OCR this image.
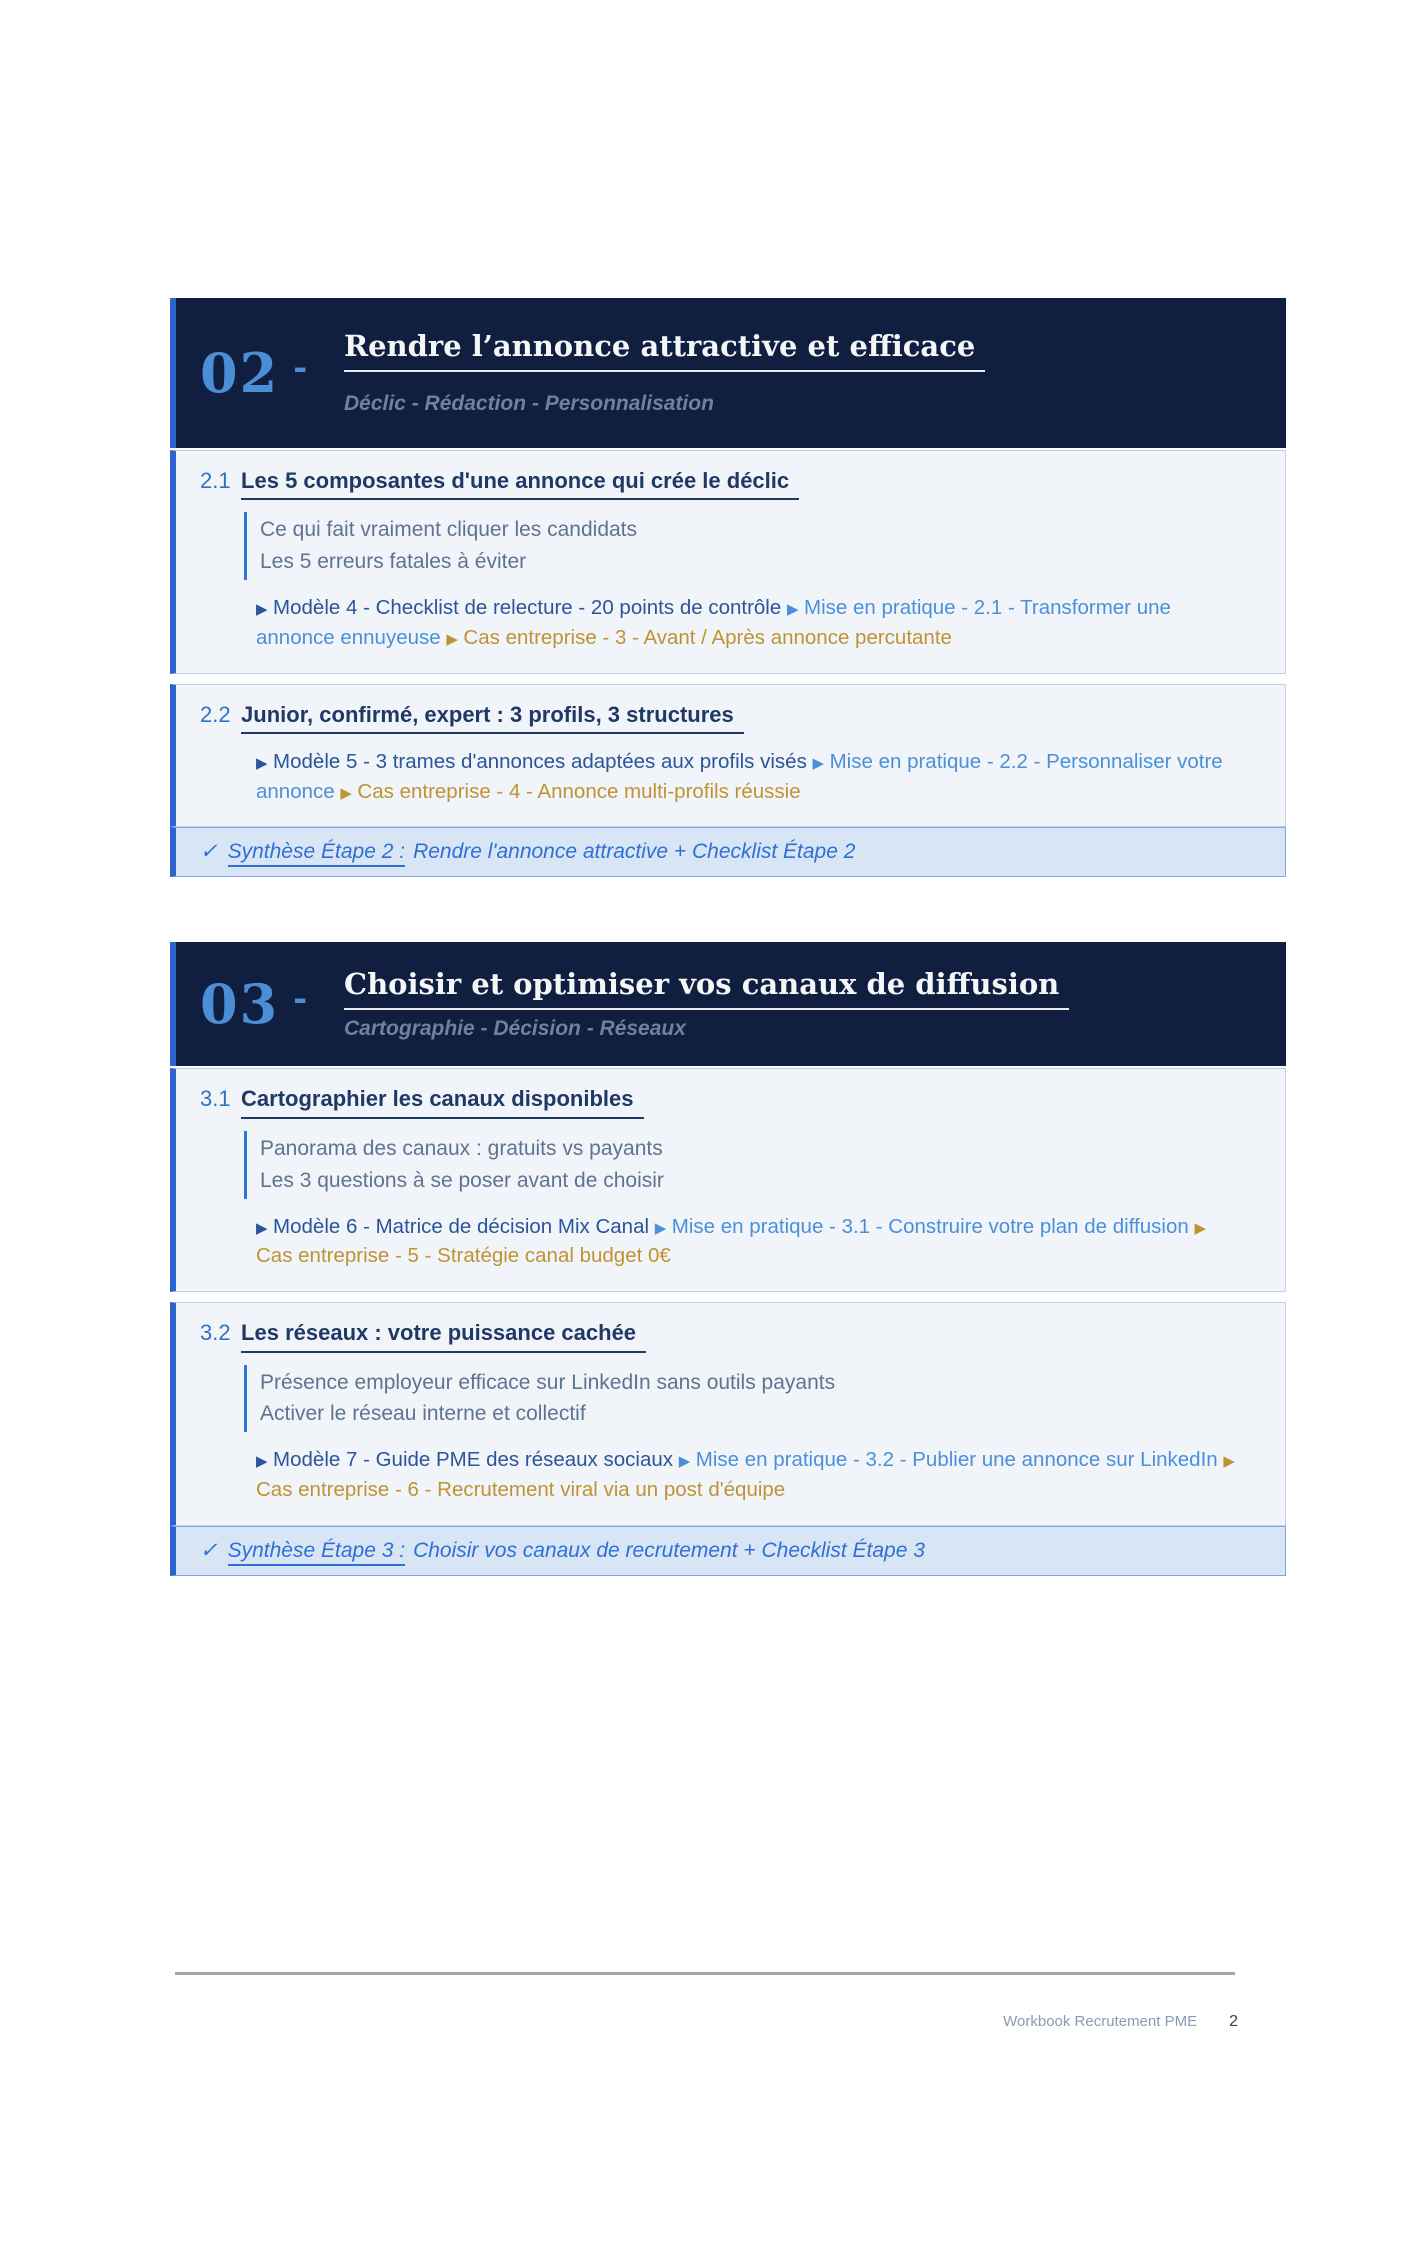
02 -
Rendre l’annonce attractive et efficace
Déclic - Rédaction - Personnalisation
2.1 Les 5 composantes d'une annonce qui crée le déclic
Ce qui fait vraiment cliquer les candidats
Les 5 erreurs fatales à éviter
▶ Modèle 4 - Checklist de relecture - 20 points de contrôle ▶ Mise en pratique - 2.1 - Transformer une annonce ennuyeuse ▶ Cas entreprise - 3 - Avant / Après annonce percutante
2.2 Junior, confirmé, expert : 3 profils, 3 structures
▶ Modèle 5 - 3 trames d'annonces adaptées aux profils visés ▶ Mise en pratique - 2.2 - Personnaliser votre annonce ▶ Cas entreprise - 4 - Annonce multi-profils réussie
✓ Synthèse Étape 2 : Rendre l'annonce attractive + Checklist Étape 2
03 - Choisir et optimiser vos canaux de diffusion
Cartographie - Décision - Réseaux
3.1 Cartographier les canaux disponibles
Panorama des canaux : gratuits vs payants
Les 3 questions à se poser avant de choisir
▶ Modèle 6 - Matrice de décision Mix Canal ▶ Mise en pratique - 3.1 - Construire votre plan de diffusion ▶ Cas entreprise - 5 - Stratégie canal budget 0€
3.2 Les réseaux : votre puissance cachée
Présence employeur efficace sur LinkedIn sans outils payants
Activer le réseau interne et collectif
▶ Modèle 7 - Guide PME des réseaux sociaux ▶ Mise en pratique - 3.2 - Publier une annonce sur LinkedIn ▶ Cas entreprise - 6 - Recrutement viral via un post d'équipe
✓ Synthèse Étape 3 : Choisir vos canaux de recrutement + Checklist Étape 3
Workbook Recrutement PME 2
